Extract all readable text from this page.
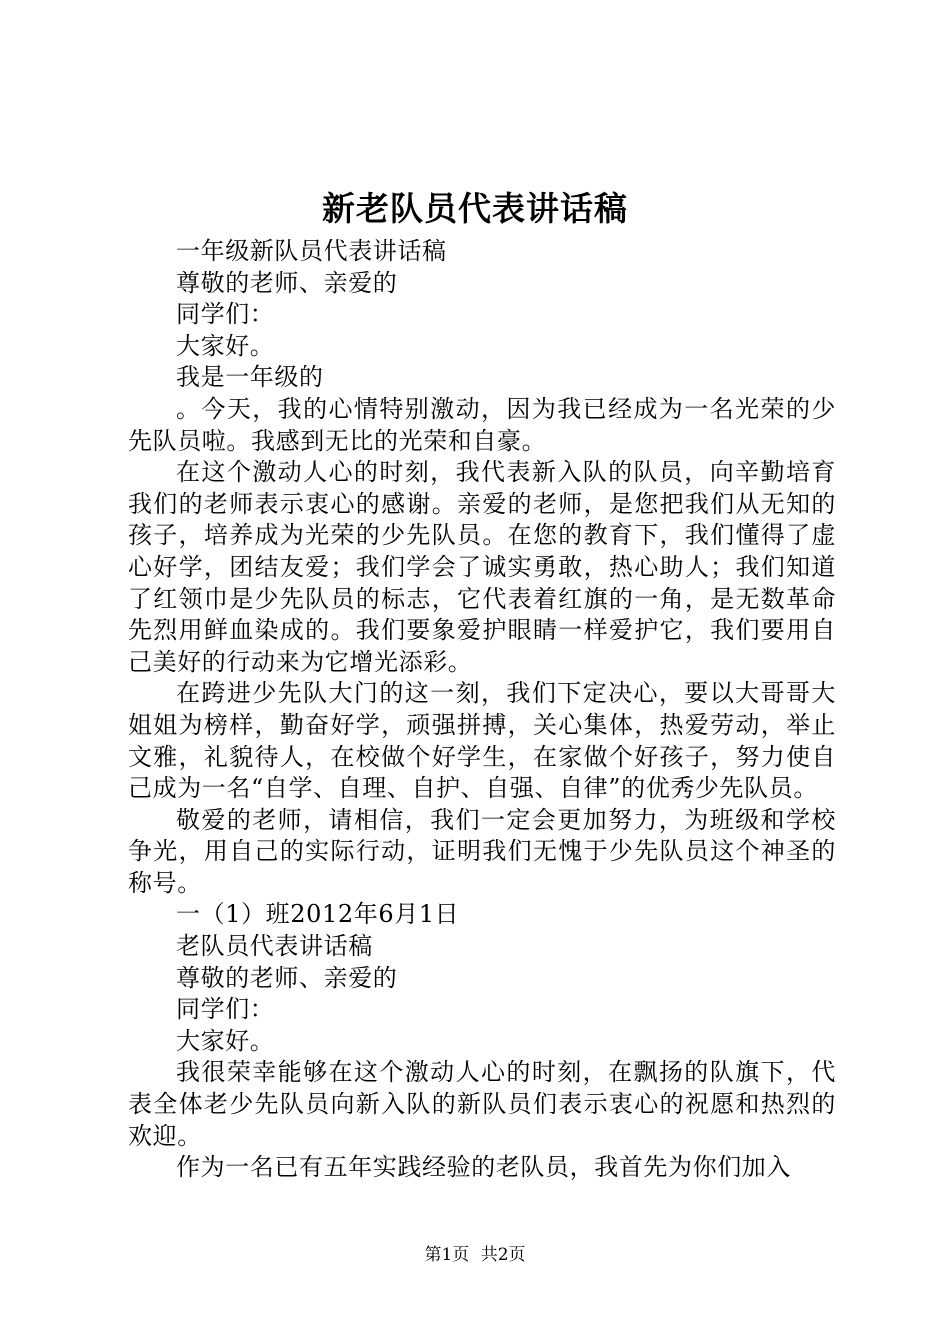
新老队员代表讲话稿

一年级新队员代表讲话稿

尊敬的老师、亲爱的

同学们：

大家好。

我是一年级的

。今天，我的心情特别激动，因为我已经成为一名光荣的少先队员啦。我感到无比的光荣和自豪。

在这个激动人心的时刻，我代表新入队的队员，向辛勤培育我们的老师表示衷心的感谢。亲爱的老师，是您把我们从无知的孩子，培养成为光荣的少先队员。在您的教育下，我们懂得了虚心好学，团结友爱；我们学会了诚实勇敢，热心助人；我们知道了红领巾是少先队员的标志，它代表着红旗的一角，是无数革命先烈用鲜血染成的。我们要象爱护眼睛一样爱护它，我们要用自己美好的行动来为它增光添彩。

在跨进少先队大门的这一刻，我们下定决心，要以大哥哥大姐姐为榜样，勤奋好学，顽强拼搏，关心集体，热爱劳动，举止文雅，礼貌待人，在校做个好学生，在家做个好孩子，努力使自己成为一名“自学、自理、自护、自强、自律”的优秀少先队员。

敬爱的老师，请相信，我们一定会更加努力，为班级和学校争光，用自己的实际行动，证明我们无愧于少先队员这个神圣的称号。

一（1）班2012年6月1日

老队员代表讲话稿

尊敬的老师、亲爱的

同学们：

大家好。

我很荣幸能够在这个激动人心的时刻，在飘扬的队旗下，代表全体老少先队员向新入队的新队员们表示衷心的祝愿和热烈的欢迎。

作为一名已有五年实践经验的老队员，我首先为你们加入

第1页 共2页
